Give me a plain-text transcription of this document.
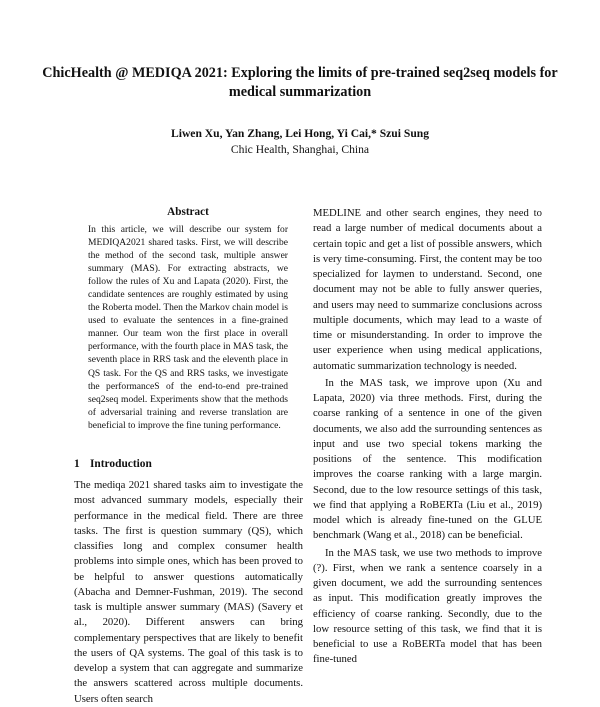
ChicHealth @ MEDIQA 2021: Exploring the limits of pre-trained seq2seq models for medical summarization
Liwen Xu, Yan Zhang, Lei Hong, Yi Cai,* Szui Sung
Chic Health, Shanghai, China
Abstract
In this article, we will describe our system for MEDIQA2021 shared tasks. First, we will describe the method of the second task, multiple answer summary (MAS). For extracting abstracts, we follow the rules of Xu and Lapata (2020). First, the candidate sentences are roughly estimated by using the Roberta model. Then the Markov chain model is used to evaluate the sentences in a fine-grained manner. Our team won the first place in overall performance, with the fourth place in MAS task, the seventh place in RRS task and the eleventh place in QS task. For the QS and RRS tasks, we investigate the performanceS of the end-to-end pre-trained seq2seq model. Experiments show that the methods of adversarial training and reverse translation are beneficial to improve the fine tuning performance.
1 Introduction
The mediqa 2021 shared tasks aim to investigate the most advanced summary models, especially their performance in the medical field. There are three tasks. The first is question summary (QS), which classifies long and complex consumer health problems into simple ones, which has been proved to be helpful to answer questions automatically (Abacha and Demner-Fushman, 2019). The second task is multiple answer summary (MAS) (Savery et al., 2020). Different answers can bring complementary perspectives that are likely to benefit the users of QA systems. The goal of this task is to develop a system that can aggregate and summarize the answers scattered across multiple documents. Users often search

MEDLINE and other search engines, they need to read a large number of medical documents about a certain topic and get a list of possible answers, which is very time-consuming. First, the content may be too specialized for laymen to understand. Second, one document may not be able to fully answer queries, and users may need to summarize conclusions across multiple documents, which may lead to a waste of time or misunderstanding. In order to improve the user experience when using medical applications, automatic summarization technology is needed.

In the MAS task, we improve upon (Xu and Lapata, 2020) via three methods. First, during the coarse ranking of a sentence in one of the given documents, we also add the surrounding sentences as input and use two special tokens marking the positions of the sentence. This modification improves the coarse ranking with a large margin. Second, due to the low resource settings of this task, we find that applying a RoBERTa (Liu et al., 2019) model which is already fine-tuned on the GLUE benchmark (Wang et al., 2018) can be beneficial.

In the MAS task, we use two methods to improve (?). First, when we rank a sentence coarsely in a given document, we add the surrounding sentences as input. This modification greatly improves the efficiency of coarse ranking. Secondly, due to the low resource setting of this task, we find that it is beneficial to use a RoBERTa model that has been fine-tuned
